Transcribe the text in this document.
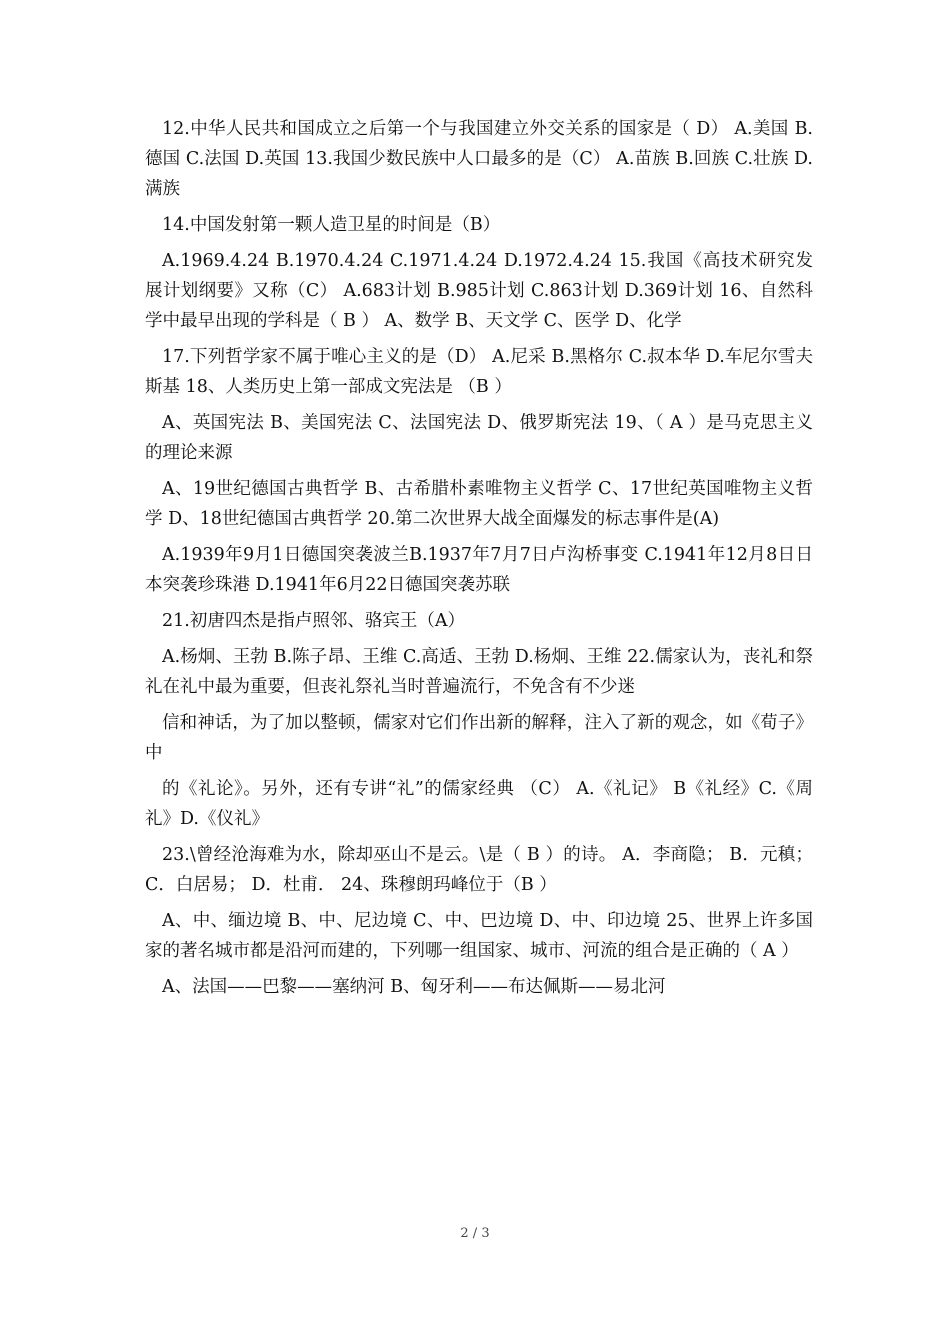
12.中华人民共和国成立之后第一个与我国建立外交关系的国家是（ D） A.美国 B.德国 C.法国 D.英国 13.我国少数民族中人口最多的是（C） A.苗族 B.回族 C.壮族 D.满族

14.中国发射第一颗人造卫星的时间是（B）

A.1969.4.24 B.1970.4.24 C.1971.4.24 D.1972.4.24 15.我国《高技术研究发展计划纲要》又称（C） A.683计划 B.985计划 C.863计划 D.369计划 16、自然科学中最早出现的学科是（ B ） A、数学 B、天文学 C、医学 D、化学

17.下列哲学家不属于唯心主义的是（D） A.尼采 B.黑格尔 C.叔本华 D.车尼尔雪夫斯基 18、人类历史上第一部成文宪法是 （B ）

A、英国宪法 B、美国宪法 C、法国宪法 D、俄罗斯宪法 19、（ A ）是马克思主义的理论来源

A、19世纪德国古典哲学 B、古希腊朴素唯物主义哲学 C、17世纪英国唯物主义哲学 D、18世纪德国古典哲学 20.第二次世界大战全面爆发的标志事件是(A)

A.1939年9月1日德国突袭波兰B.1937年7月7日卢沟桥事变 C.1941年12月8日日本突袭珍珠港 D.1941年6月22日德国突袭苏联

21.初唐四杰是指卢照邻、骆宾王（A）

A.杨炯、王勃 B.陈子昂、王维 C.高适、王勃 D.杨炯、王维 22.儒家认为，丧礼和祭礼在礼中最为重要，但丧礼祭礼当时普遍流行，不免含有不少迷

信和神话，为了加以整顿，儒家对它们作出新的解释，注入了新的观念，如《荀子》中

的《礼论》。另外，还有专讲“礼”的儒家经典 （C） A.《礼记》 B《礼经》C.《周礼》D.《仪礼》

23.\曾经沧海难为水，除却巫山不是云。\是（ B ）的诗。 A．李商隐； B．元稹； C．白居易； D．杜甫． 24、珠穆朗玛峰位于（B ）

A、中、缅边境 B、中、尼边境 C、中、巴边境 D、中、印边境 25、世界上许多国家的著名城市都是沿河而建的，下列哪一组国家、城市、河流的组合是正确的（ A ）

A、法国——巴黎——塞纳河 B、匈牙利——布达佩斯——易北河

2 / 3
